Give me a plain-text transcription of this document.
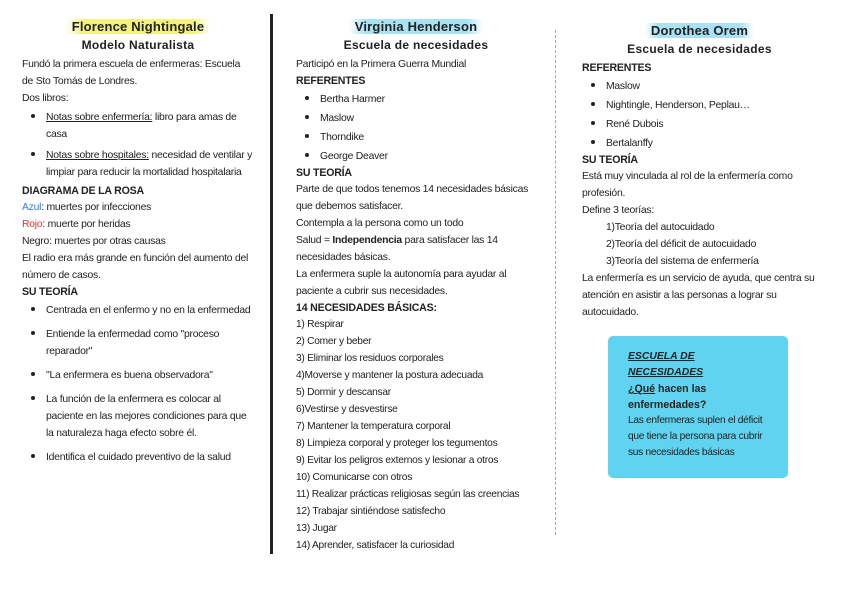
Florence Nightingale
Modelo Naturalista

Fundó la primera escuela de enfermeras: Escuela

de Sto Tomás de Londres.

Dos libros:

• Notas sobre enfermería: libro para amas de casa
• Notas sobre hospitales: necesidad de ventilar y limpiar para reducir la mortalidad hospitalaria

DIAGRAMA DE LA ROSA

Azul: muertes por infecciones

Rojo: muerte por heridas

Negro: muertes por otras causas

El radio era más grande en función del aumento del número de casos.

SU TEORÍA

• Centrada en el enfermo y no en la enfermedad
• Entiende la enfermedad como "proceso reparador"
• "La enfermera es buena observadora"
• La función de la enfermera es colocar al paciente en las mejores condiciones para que la naturaleza haga efecto sobre él.
• Identifica el cuidado preventivo de la salud
Virginia Henderson
Escuela de necesidades

Participó en la Primera Guerra Mundial

REFERENTES

• Bertha Harmer
• Maslow
• Thorndike
• George Deaver

SU TEORÍA

Parte de que todos tenemos 14 necesidades básicas que debemos satisfacer.

Contempla a la persona como un todo

Salud = Independencia para satisfacer las 14 necesidades básicas.

La enfermera suple la autonomía para ayudar al paciente a cubrir sus necesidades.

14 NECESIDADES BÁSICAS:

1) Respirar
2) Comer y beber
3) Eliminar los residuos corporales
4)Moverse y mantener la postura adecuada
5) Dormir y descansar
6)Vestirse y desvestirse
7) Mantener la temperatura corporal
8) Limpieza corporal y proteger los tegumentos
9) Evitar los peligros externos y lesionar a otros
10) Comunicarse con otros
11) Realizar prácticas religiosas según las creencias
12) Trabajar sintiéndose satisfecho
13) Jugar
14) Aprender, satisfacer la curiosidad
Dorothea Orem
Escuela de necesidades

REFERENTES

• Maslow
• Nightingle, Henderson, Peplau…
• René Dubois
• Bertalanffy

SU TEORÍA

Está muy vinculada al rol de la enfermería como profesión.

Define 3 teorías:

1)Teoría del autocuidado
2)Teoría del déficit de autocuidado
3)Teoría del sistema de enfermería

La enfermería es un servicio de ayuda, que centra su atención en asistir a las personas a lograr su autocuidado.

ESCUELA DE NECESIDADES
¿Qué hacen las enfermedades?
Las enfermeras suplen el déficit que tiene la persona para cubrir sus necesidades básicas
